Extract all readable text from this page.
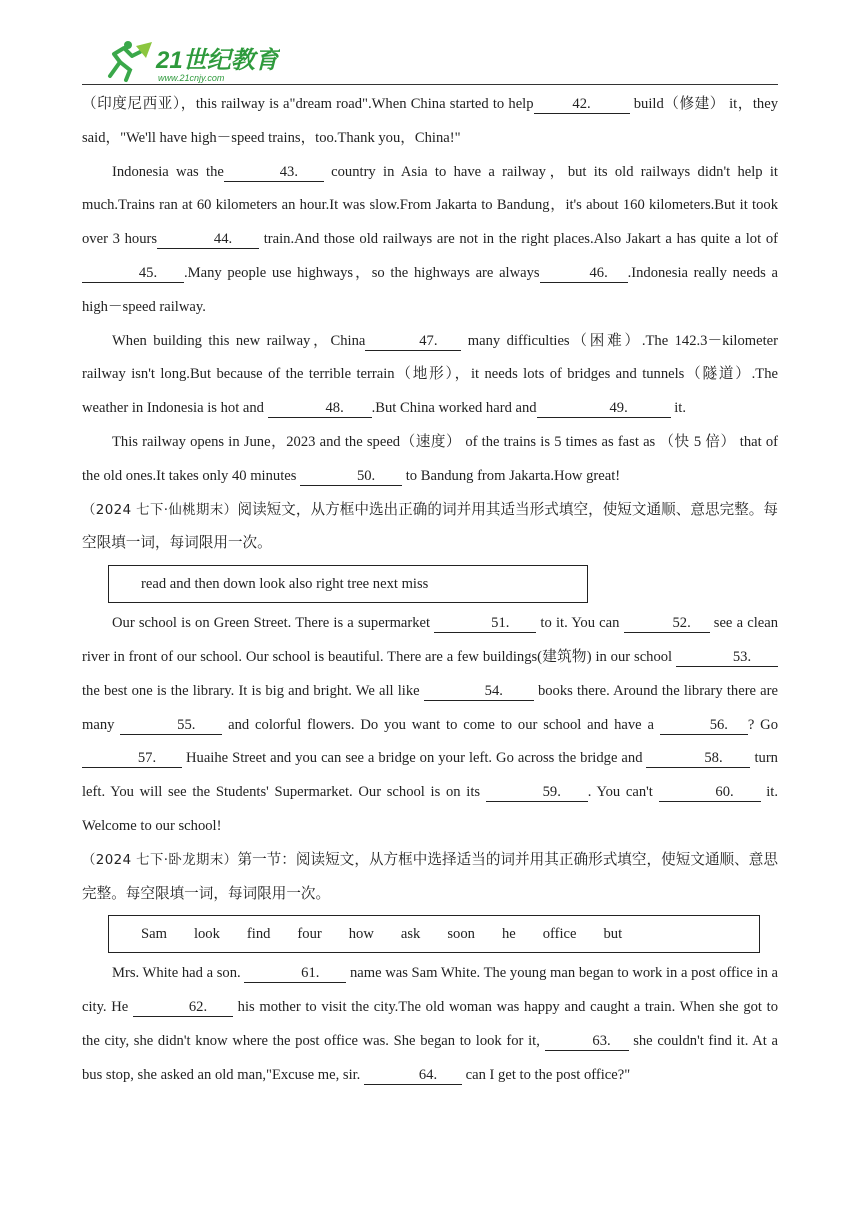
21世纪教育
www.21cnjy.com

（印度尼西亚），this railway is a"dream road".When China started to help	42.	build（修建） it，they said，"We'll have high－speed trains，too.Thank you，China!"

Indonesia was the	43. country in Asia to have a railway，but its old railways didn't help it much.Trains ran at 60 kilometers an hour.It was slow.From Jakarta to Bandung，it's about 160 kilometers.But it took over 3 hours	44. train.And those old railways are not in the right places.Also Jakart a has quite a lot of45. .Many people use highways，so the highways are always	46. .Indonesia really needs a high－speed railway.

When building this new railway，China	47. many difficulties（困难）.The 142.3－kilometer railway isn't long.But because of the terrible terrain（地形），it needs lots of bridges and tunnels（隧道）.The weather in Indonesia is hot and	48. .But China worked hard and	49.	it.

This railway opens in June，2023 and the speed（速度） of the trains is 5 times as fast as （快 5 倍） that of the old ones.It takes only 40 minutes	50. to Bandung from Jakarta.How great!

（2024 七下·仙桃期末）阅读短文，从方框中选出正确的词并用其适当形式填空，使短文通顺、意思完整。每空限填一词，每词限用一次。

read and then down look also right tree next miss

Our school is on Green Street. There is a supermarket	51. to it. You can	52. see a clean river in front of our school. Our school is beautiful. There are a few buildings(建筑物) in our school	53. the best one is the library. It is big and bright. We all like	54. books there. Around the library there are many	55. and colorful flowers. Do you want to come to our school and have a	56. ? Go 57. Huaihe Street and you can see a bridge on your left. Go across the bridge and	58. turn left. You will see the Students' Supermarket. Our school is on its	59. . You can't	60. it. Welcome to our school!

（2024 七下·卧龙期末）第一节：阅读短文，从方框中选择适当的词并用其正确形式填空，使短文通顺、意思完整。每空限填一词，每词限用一次。

Sam look find four how ask soon he office but

Mrs. White had a son.	61. name was Sam White. The young man began to work in a post office in a city. He	62. his mother to visit the city.The old woman was happy and caught a train. When she got to the city, she didn't know where the post office was. She began to look for it,	63. she couldn't find it. At a bus stop, she asked an old man,"Excuse me, sir.	64. can I get to the post office?"
